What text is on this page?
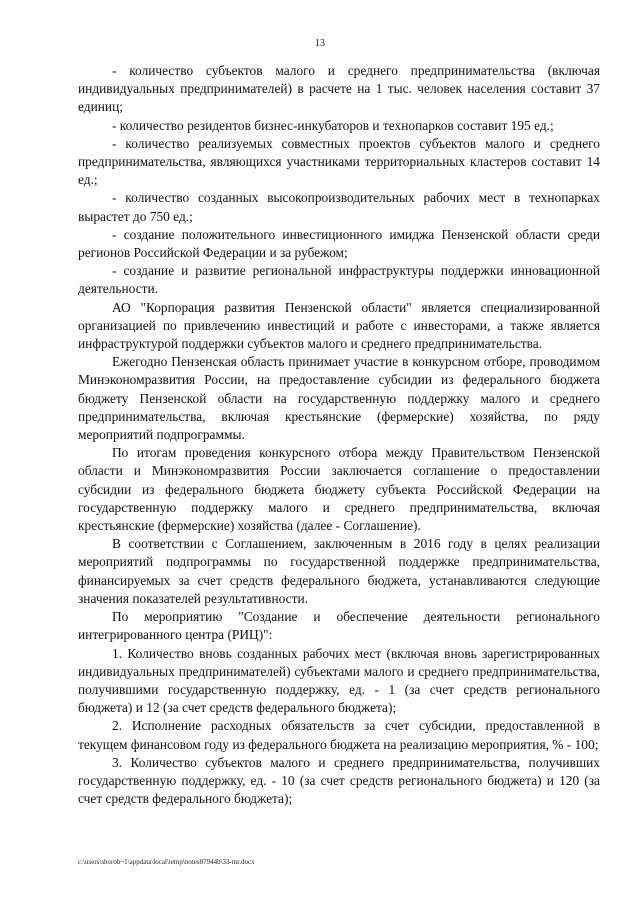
13

- количество субъектов малого и среднего предпринимательства (включая индивидуальных предпринимателей) в расчете на 1 тыс. человек населения составит 37 единиц;

- количество резидентов бизнес-инкубаторов и технопарков составит 195 ед.;

- количество реализуемых совместных проектов субъектов малого и среднего предпринимательства, являющихся участниками территориальных кластеров составит 14 ед.;

- количество созданных высокопроизводительных рабочих мест в технопарках вырастет до 750 ед.;

- создание положительного инвестиционного имиджа Пензенской области среди регионов Российской Федерации и за рубежом;

- создание и развитие региональной инфраструктуры поддержки инновационной деятельности.

АО "Корпорация развития Пензенской области" является специализированной организацией по привлечению инвестиций и работе с инвесторами, а также является инфраструктурой поддержки субъектов малого и среднего предпринимательства.

Ежегодно Пензенская область принимает участие в конкурсном отборе, проводимом Минэкономразвития России, на предоставление субсидии из федерального бюджета бюджету Пензенской области на государственную поддержку малого и среднего предпринимательства, включая крестьянские (фермерские) хозяйства, по ряду мероприятий подпрограммы.

По итогам проведения конкурсного отбора между Правительством Пензенской области и Минэкономразвития России заключается соглашение о предоставлении субсидии из федерального бюджета бюджету субъекта Российской Федерации на государственную поддержку малого и среднего предпринимательства, включая крестьянские (фермерские) хозяйства (далее - Соглашение).

В соответствии с Соглашением, заключенным в 2016 году в целях реализации мероприятий подпрограммы по государственной поддержке предпринимательства, финансируемых за счет средств федерального бюджета, устанавливаются следующие значения показателей результативности.

По мероприятию "Создание и обеспечение деятельности регионального интегрированного центра (РИЦ)":

1. Количество вновь созданных рабочих мест (включая вновь зарегистрированных индивидуальных предпринимателей) субъектами малого и среднего предпринимательства, получившими государственную поддержку, ед. - 1 (за счет средств регионального бюджета) и 12 (за счет средств федерального бюджета);

2. Исполнение расходных обязательств за счет субсидии, предоставленной в текущем финансовом году из федерального бюджета на реализацию мероприятия, % - 100;

3. Количество субъектов малого и среднего предпринимательства, получивших государственную поддержку, ед. - 10 (за счет средств регионального бюджета) и 120 (за счет средств федерального бюджета);

c:\users\shorob~1\appdata\local\temp\notes87944b\33-mr.docx
